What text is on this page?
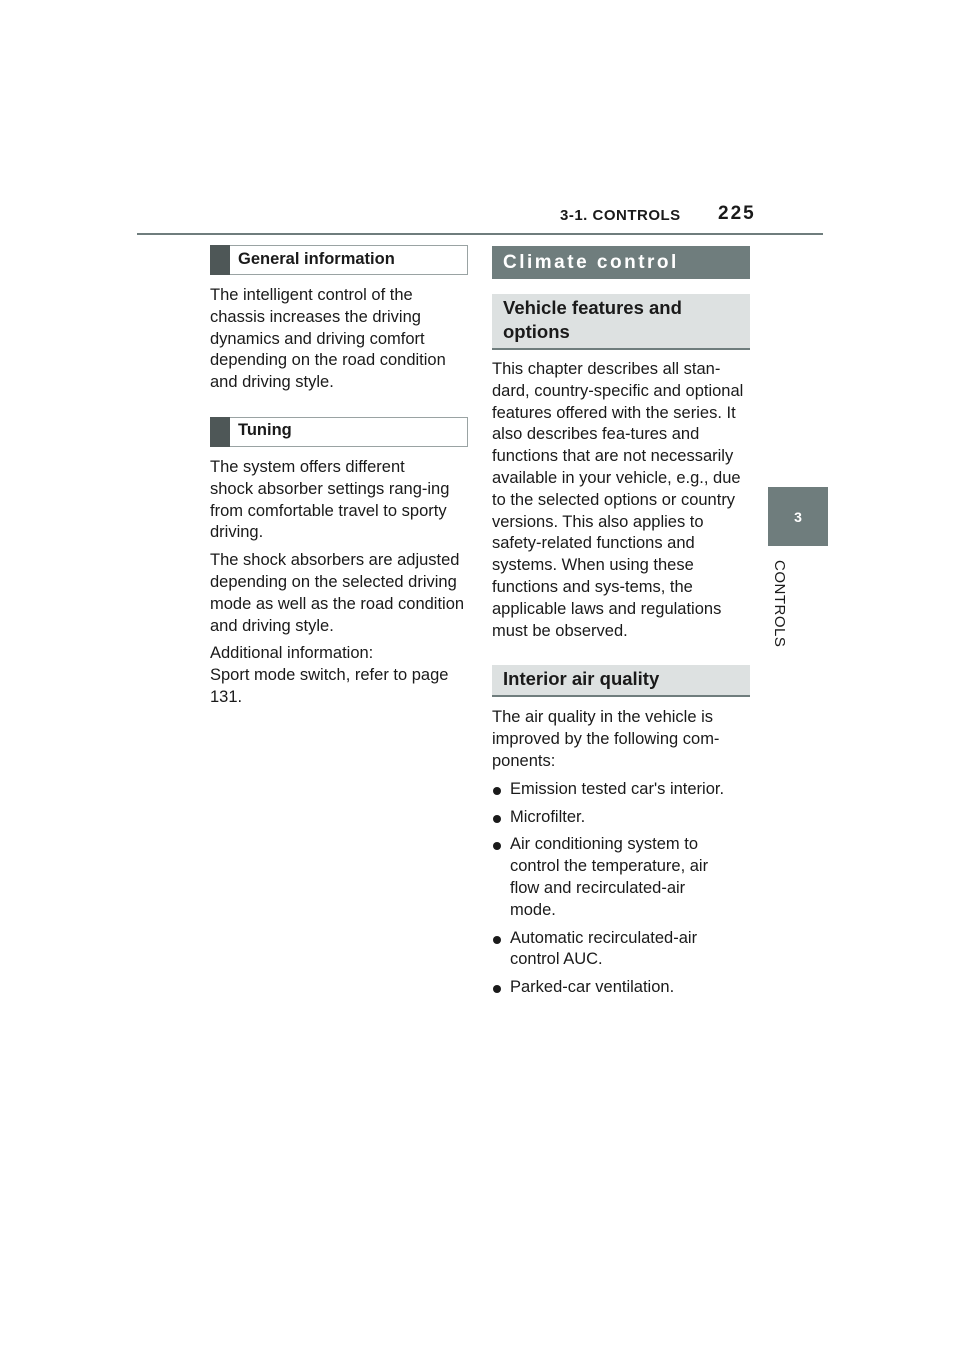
3-1. CONTROLS 225
3
CONTROLS
General information

The intelligent control of the chassis increases the driving dynamics and driving comfort depending on the road condition and driving style.

Tuning

The system offers different shock absorber settings rang-ing from comfortable travel to sporty driving.

The shock absorbers are adjusted depending on the selected driving mode as well as the road condition and driving style.

Additional information:
Sport mode switch, refer to page 131.

Climate control
Vehicle features and options

This chapter describes all stan-dard, country-specific and optional features offered with the series. It also describes fea-tures and functions that are not necessarily available in your vehicle, e.g., due to the selected options or country versions. This also applies to safety-related functions and systems. When using these functions and sys-tems, the applicable laws and regulations must be observed.

Interior air quality

The air quality in the vehicle is improved by the following com-ponents:

Emission tested car's interior.
Microfilter.
Air conditioning system to control the temperature, air flow and recirculated-air mode.
Automatic recirculated-air control AUC.
Parked-car ventilation.
